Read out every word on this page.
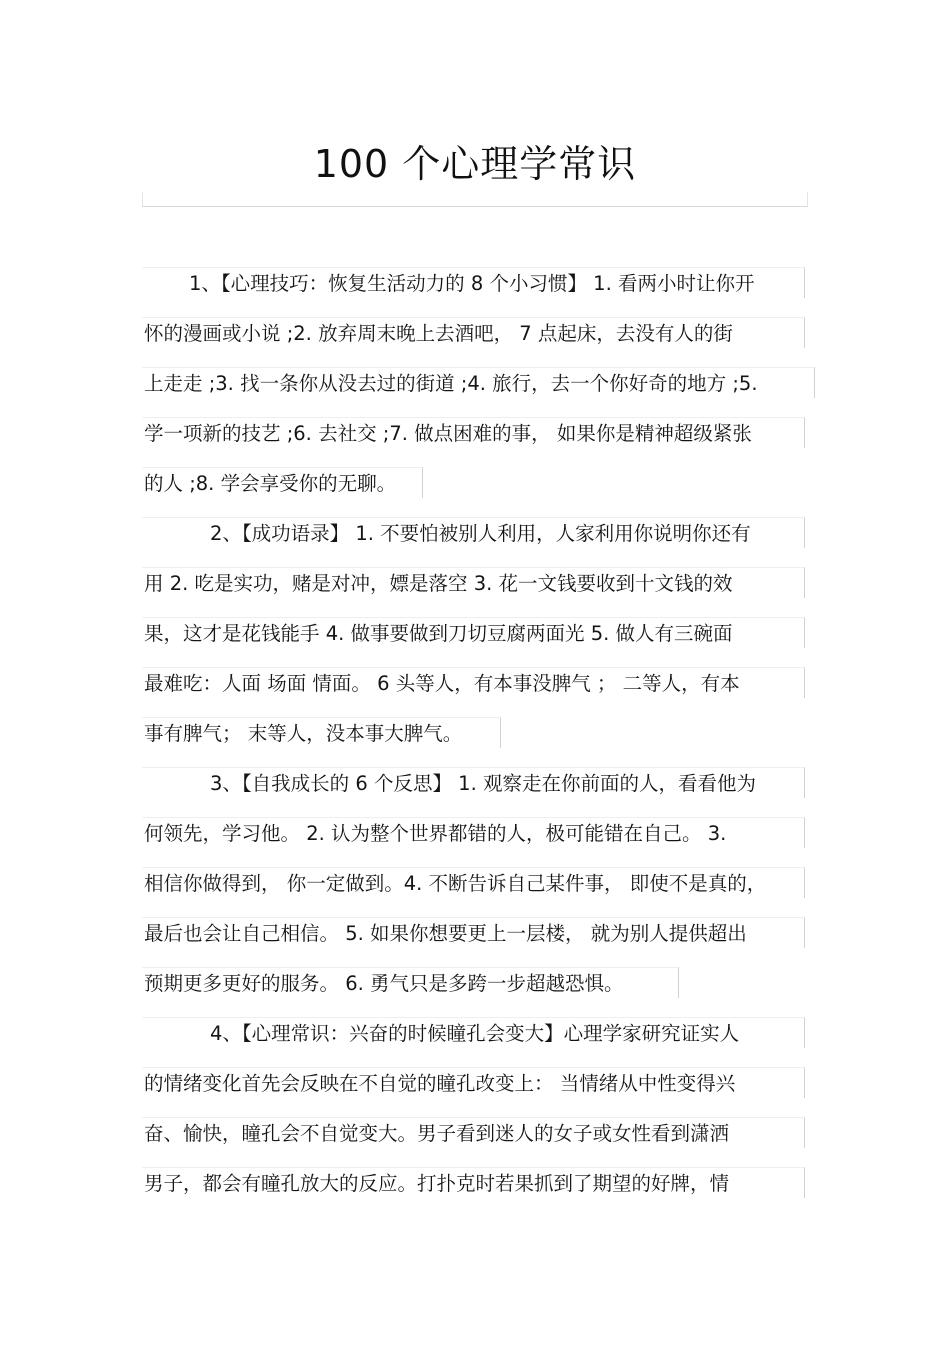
100 个心理学常识
1、【心理技巧：恢复生活动力的 8 个小习惯】 1. 看两小时让你开
怀的漫画或小说 ;2. 放弃周末晚上去酒吧， 7 点起床，去没有人的街
上走走 ;3. 找一条你从没去过的街道 ;4. 旅行，去一个你好奇的地方 ;5.
学一项新的技艺 ;6. 去社交 ;7. 做点困难的事， 如果你是精神超级紧张
的人 ;8. 学会享受你的无聊。
2、【成功语录】 1. 不要怕被别人利用，人家利用你说明你还有
用 2. 吃是实功，赌是对冲，嫖是落空 3. 花一文钱要收到十文钱的效
果，这才是花钱能手 4. 做事要做到刀切豆腐两面光 5. 做人有三碗面
最难吃：人面 场面 情面。 6 头等人，有本事没脾气 ； 二等人，有本
事有脾气； 末等人，没本事大脾气。
3、【自我成长的 6 个反思】 1. 观察走在你前面的人，看看他为
何领先，学习他。 2. 认为整个世界都错的人，极可能错在自己。 3.
相信你做得到， 你一定做到。4. 不断告诉自己某件事， 即使不是真的，
最后也会让自己相信。 5. 如果你想要更上一层楼， 就为别人提供超出
预期更多更好的服务。 6. 勇气只是多跨一步超越恐惧。
4、【心理常识：兴奋的时候瞳孔会变大】心理学家研究证实人
的情绪变化首先会反映在不自觉的瞳孔改变上： 当情绪从中性变得兴
奋、愉快，瞳孔会不自觉变大。男子看到迷人的女子或女性看到潇洒
男子，都会有瞳孔放大的反应。打扑克时若果抓到了期望的好牌，情
